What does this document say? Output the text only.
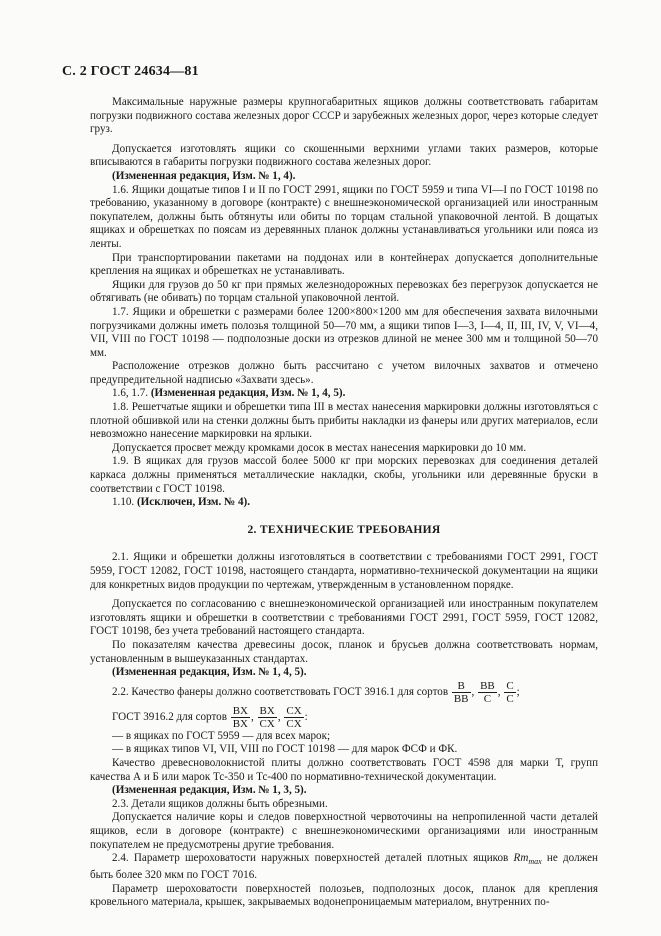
С. 2 ГОСТ 24634—81

Максимальные наружные размеры крупногабаритных ящиков должны соответствовать габаритам погрузки подвижного состава железных дорог СССР и зарубежных железных дорог, через которые следует груз.

Допускается изготовлять ящики со скошенными верхними углами таких размеров, которые вписываются в габариты погрузки подвижного состава железных дорог.

(Измененная редакция, Изм. № 1, 4).

1.6. Ящики дощатые типов I и II по ГОСТ 2991, ящики по ГОСТ 5959 и типа VI—I по ГОСТ 10198 по требованию, указанному в договоре (контракте) с внешнеэкономической организацией или иностранным покупателем, должны быть обтянуты или обиты по торцам стальной упаковочной лентой. В дощатых ящиках и обрешетках по поясам из деревянных планок должны устанавливаться угольники или пояса из ленты.

При транспортировании пакетами на поддонах или в контейнерах допускается дополнительные крепления на ящиках и обрешетках не устанавливать.

Ящики для грузов до 50 кг при прямых железнодорожных перевозках без перегрузок допускается не обтягивать (не обивать) по торцам стальной упаковочной лентой.

1.7. Ящики и обрешетки с размерами более 1200×800×1200 мм для обеспечения захвата вилочными погрузчиками должны иметь полозья толщиной 50—70 мм, а ящики типов I—3, I—4, II, III, IV, V, VI—4, VII, VIII по ГОСТ 10198 — подполозные доски из отрезков длиной не менее 300 мм и толщиной 50—70 мм.

Расположение отрезков должно быть рассчитано с учетом вилочных захватов и отмечено предупредительной надписью «Захвати здесь».

1.6, 1.7. (Измененная редакция, Изм. № 1, 4, 5).

1.8. Решетчатые ящики и обрешетки типа III в местах нанесения маркировки должны изготовляться с плотной обшивкой или на стенки должны быть прибиты накладки из фанеры или других материалов, если невозможно нанесение маркировки на ярлыки.

Допускается просвет между кромками досок в местах нанесения маркировки до 10 мм.

1.9. В ящиках для грузов массой более 5000 кг при морских перевозках для соединения деталей каркаса должны применяться металлические накладки, скобы, угольники или деревянные бруски в соответствии с ГОСТ 10198.

1.10. (Исключен, Изм. № 4).

2. ТЕХНИЧЕСКИЕ ТРЕБОВАНИЯ

2.1. Ящики и обрешетки должны изготовляться в соответствии с требованиями ГОСТ 2991, ГОСТ 5959, ГОСТ 12082, ГОСТ 10198, настоящего стандарта, нормативно-технической документации на ящики для конкретных видов продукции по чертежам, утвержденным в установленном порядке.

Допускается по согласованию с внешнеэкономической организацией или иностранным покупателем изготовлять ящики и обрешетки в соответствии с требованиями ГОСТ 2991, ГОСТ 5959, ГОСТ 12082, ГОСТ 10198, без учета требований настоящего стандарта.

По показателям качества древесины досок, планок и брусьев должна соответствовать нормам, установленным в вышеуказанных стандартах.

(Измененная редакция, Изм. № 1, 4, 5).

2.2. Качество фанеры должно соответствовать ГОСТ 3916.1 для сортов $\frac{B}{BB}$ , $\frac{BB}{C}$ , $\frac{C}{C}$ ;

ГОСТ 3916.2 для сортов $\frac{BX}{BX}$ , $\frac{BX}{CX}$ , $\frac{CX}{CX}$ :

— в ящиках по ГОСТ 5959 — для всех марок;

— в ящиках типов VI, VII, VIII по ГОСТ 10198 — для марок ФСФ и ФК.

Качество древесноволокнистой плиты должно соответствовать ГОСТ 4598 для марки Т, групп качества А и Б или марок Тс-350 и Тс-400 по нормативно-технической документации.

(Измененная редакция, Изм. № 1, 3, 5).

2.3. Детали ящиков должны быть обрезными.

Допускается наличие коры и следов поверхностной червоточины на непропиленной части деталей ящиков, если в договоре (контракте) с внешнеэкономическими организациями или иностранным покупателем не предусмотрены другие требования.

2.4. Параметр шероховатости наружных поверхностей деталей плотных ящиков $Rm_{max}$ не должен быть более 320 мкм по ГОСТ 7016.

Параметр шероховатости поверхностей полозьев, подполозных досок, планок для крепления кровельного материала, крышек, закрываемых водонепроницаемым материалом, внутренних по-
